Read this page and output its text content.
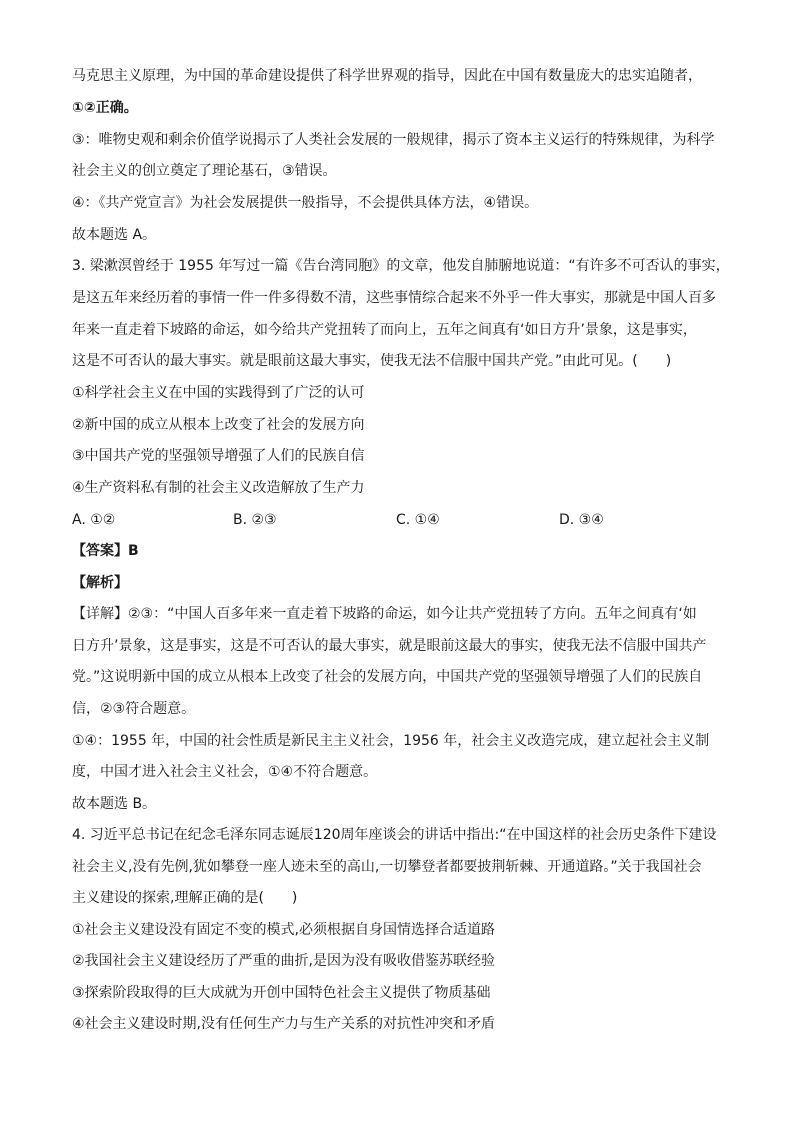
马克思主义原理，为中国的革命建设提供了科学世界观的指导，因此在中国有数量庞大的忠实追随者，
①②正确。
③：唯物史观和剩余价值学说揭示了人类社会发展的一般规律，揭示了资本主义运行的特殊规律，为科学
社会主义的创立奠定了理论基石，③错误。
④：《共产党宣言》为社会发展提供一般指导，不会提供具体方法，④错误。
故本题选 A。
3. 梁漱溟曾经于 1955 年写过一篇《告台湾同胞》的文章，他发自肺腑地说道：“有许多不可否认的事实，
是这五年来经历着的事情一件一件多得数不清，这些事情综合起来不外乎一件大事实，那就是中国人百多
年来一直走着下坡路的命运，如今给共产党扭转了而向上，五年之间真有‘如日方升’景象，这是事实，
这是不可否认的最大事实。就是眼前这最大事实，使我无法不信服中国共产党。”由此可见。(　　)
①科学社会主义在中国的实践得到了广泛的认可
②新中国的成立从根本上改变了社会的发展方向
③中国共产党的坚强领导增强了人们的民族自信
④生产资料私有制的社会主义改造解放了生产力
A. ①②	B. ②③	C. ①④	D. ③④
【答案】B
【解析】
【详解】②③：“中国人百多年来一直走着下坡路的命运，如今让共产党扭转了方向。五年之间真有‘如
日方升’景象，这是事实，这是不可否认的最大事实，就是眼前这最大的事实，使我无法不信服中国共产
党。”这说明新中国的成立从根本上改变了社会的发展方向，中国共产党的坚强领导增强了人们的民族自
信，②③符合题意。
①④：1955 年，中国的社会性质是新民主主义社会，1956 年，社会主义改造完成，建立起社会主义制
度，中国才进入社会主义社会，①④不符合题意。
故本题选 B。
4. 习近平总书记在纪念毛泽东同志诞辰120周年座谈会的讲话中指出:“在中国这样的社会历史条件下建设
社会主义,没有先例,犹如攀登一座人迹未至的高山,一切攀登者都要披荆斩棘、开通道路。”关于我国社会
主义建设的探索,理解正确的是(　　)
①社会主义建设没有固定不变的模式,必须根据自身国情选择合适道路
②我国社会主义建设经历了严重的曲折,是因为没有吸收借鉴苏联经验
③探索阶段取得的巨大成就为开创中国特色社会主义提供了物质基础
④社会主义建设时期,没有任何生产力与生产关系的对抗性冲突和矛盾
